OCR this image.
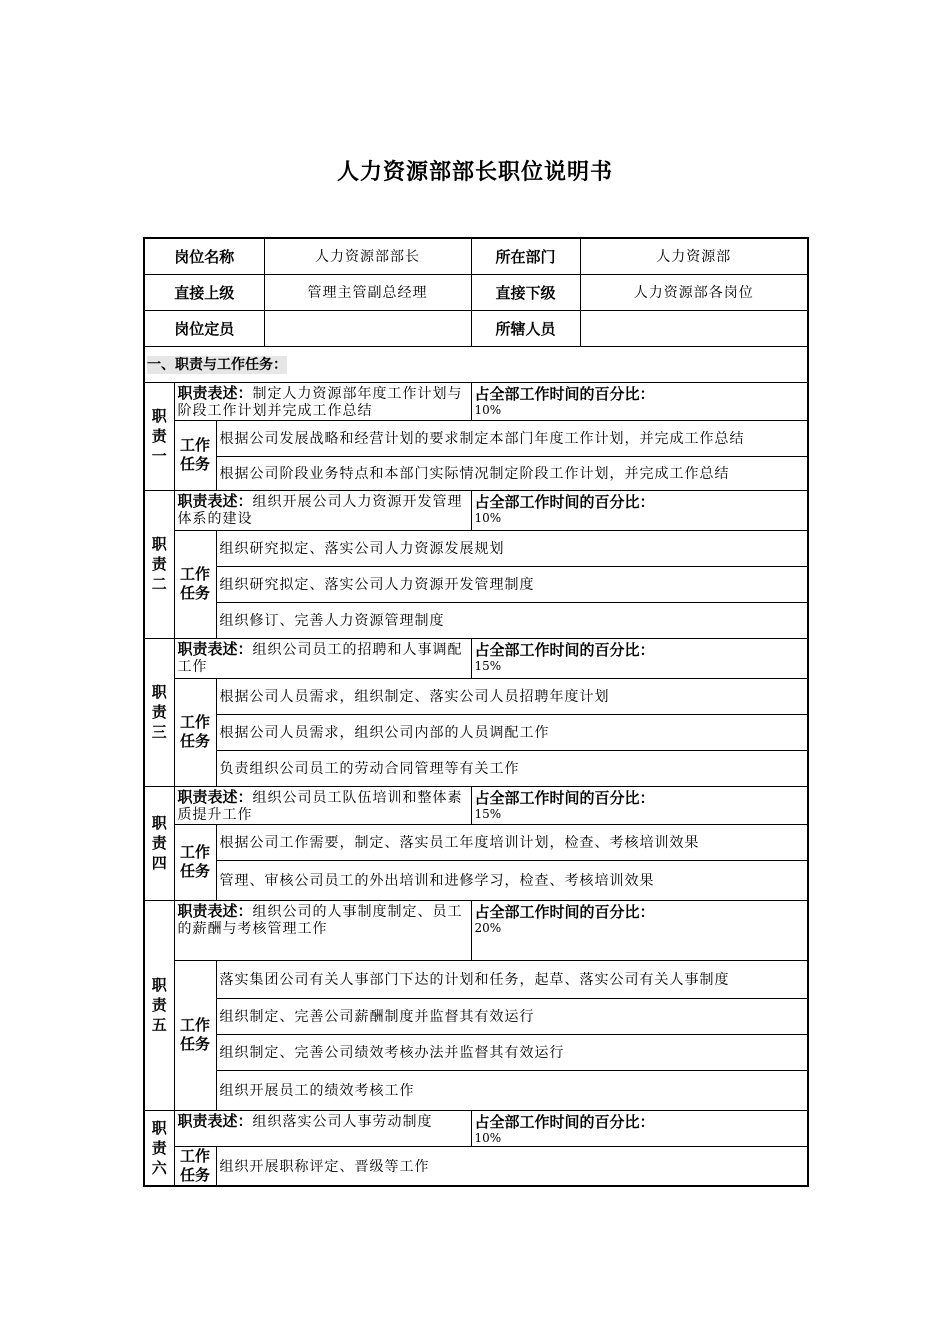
人力资源部部长职位说明书
岗位名称			人力资源部部长	所在部门	人力资源部
直接上级			管理主管副总经理	直接下级	人力资源部各岗位
岗位定员				所辖人员	
一、职责与工作任务：					
职责一	职责表述：制定人力资源部年度工作计划与阶段工作计划并完成工作总结			占全部工作时间的百分比：
10%	

	工作任务	根据公司发展战略和经营计划的要求制定本部门年度工作计划，并完成工作总结			
		根据公司阶段业务特点和本部门实际情况制定阶段工作计划，并完成工作总结			
职责二	职责表述：组织开展公司人力资源开发管理体系的建设			占全部工作时间的百分比：
10%	

	工作任务	组织研究拟定、落实公司人力资源发展规划			
		组织研究拟定、落实公司人力资源开发管理制度			
		组织修订、完善人力资源管理制度			
职责三	职责表述：组织公司员工的招聘和人事调配工作			占全部工作时间的百分比：
15%	

	工作任务	根据公司人员需求，组织制定、落实公司人员招聘年度计划			
		根据公司人员需求，组织公司内部的人员调配工作			
		负责组织公司员工的劳动合同管理等有关工作			
职责四	职责表述：组织公司员工队伍培训和整体素质提升工作			占全部工作时间的百分比：
15%	

	工作任务	根据公司工作需要，制定、落实员工年度培训计划，检查、考核培训效果			
		管理、审核公司员工的外出培训和进修学习，检查、考核培训效果			
职责五	职责表述：组织公司的人事制度制定、员工的薪酬与考核管理工作			占全部工作时间的百分比：
20%	

	工作任务	落实集团公司有关人事部门下达的计划和任务，起草、落实公司有关人事制度			
		组织制定、完善公司薪酬制度并监督其有效运行			
		组织制定、完善公司绩效考核办法并监督其有效运行			
		组织开展员工的绩效考核工作			
职责六	职责表述：组织落实公司人事劳动制度			占全部工作时间的百分比：
10%	

	工作任务	组织开展职称评定、晋级等工作			
